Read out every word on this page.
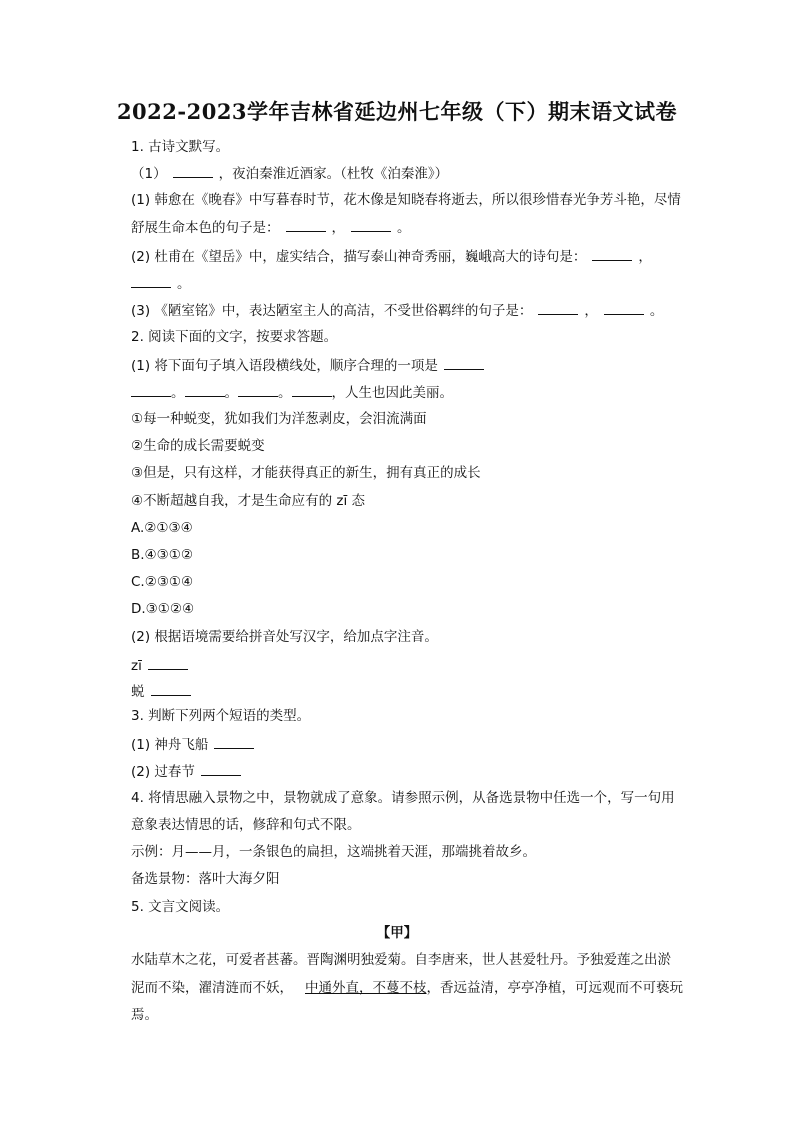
2022-2023学年吉林省延边州七年级（下）期末语文试卷
1. 古诗文默写。
（1）	，夜泊秦淮近酒家。（杜牧《泊秦淮》）
(1) 韩愈在《晚春》中写暮春时节，花木像是知晓春将逝去，所以很珍惜春光争芳斗艳，尽情
舒展生命本色的句子是：	，	。
(2) 杜甫在《望岳》中，虚实结合，描写泰山神奇秀丽，巍峨高大的诗句是：	，
。
(3) 《陋室铭》中，表达陋室主人的高洁，不受世俗羁绊的句子是：	，	。
2. 阅读下面的文字，按要求答题。
(1) 将下面句子填入语段横线处，顺序合理的一项是
。	。	。	，人生也因此美丽。
①每一种蜕变，犹如我们为洋葱剥皮，会泪流满面
②生命的成长需要蜕变
③但是，只有这样，才能获得真正的新生，拥有真正的成长
④不断超越自我，才是生命应有的 zī 态
A.②①③④
B.④③①②
C.②③①④
D.③①②④
(2) 根据语境需要给拼音处写汉字，给加点字注音。
zī
蜕
3. 判断下列两个短语的类型。
(1) 神舟飞船
(2) 过春节
4. 将情思融入景物之中，景物就成了意象。请参照示例，从备选景物中任选一个，写一句用
意象表达情思的话，修辞和句式不限。
示例：月——月，一条银色的扁担，这端挑着天涯，那端挑着故乡。
备选景物：落叶大海夕阳
5. 文言文阅读。
【甲】
水陆草木之花，可爱者甚蕃。晋陶渊明独爱菊。自李唐来，世人甚爱牡丹。予独爱莲之出淤
泥而不染，濯清涟而不妖， 中通外直，不蔓不枝，香远益清，亭亭净植，可远观而不可亵玩
焉。
